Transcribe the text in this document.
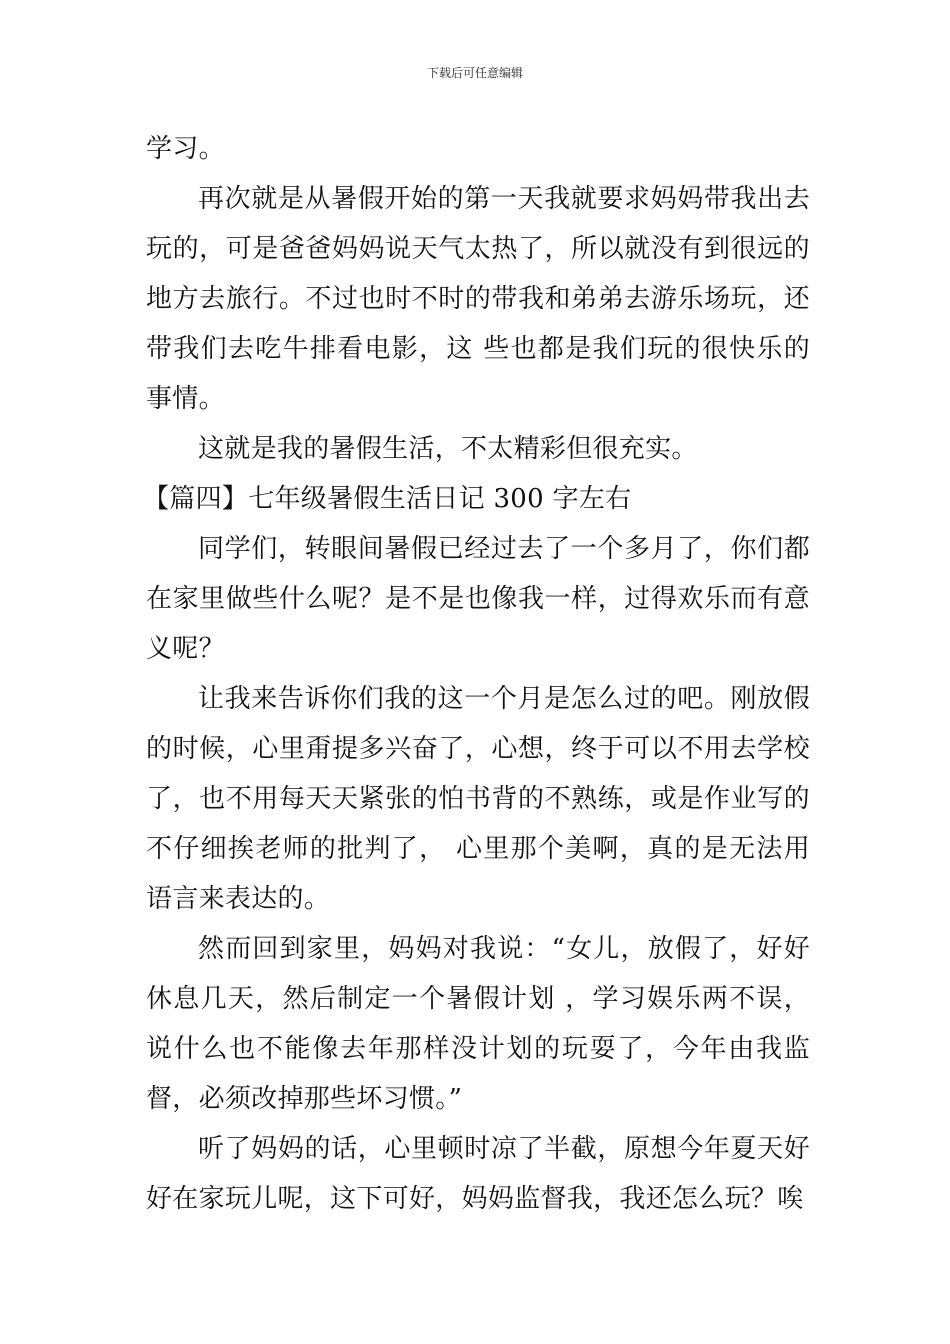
下载后可任意编辑

学习。

再次就是从暑假开始的第一天我就要求妈妈带我出去玩的，可是爸爸妈妈说天气太热了，所以就没有到很远的地方去旅行。不过也时不时的带我和弟弟去游乐场玩，还带我们去吃牛排看电影，这 些也都是我们玩的很快乐的事情。

这就是我的暑假生活，不太精彩但很充实。

【篇四】七年级暑假生活日记 300 字左右

同学们，转眼间暑假已经过去了一个多月了，你们都在家里做些什么呢？是不是也像我一样，过得欢乐而有意义呢？

让我来告诉你们我的这一个月是怎么过的吧。刚放假的时候，心里甭提多兴奋了，心想，终于可以不用去学校了，也不用每天天紧张的怕书背的不熟练，或是作业写的不仔细挨老师的批判了， 心里那个美啊，真的是无法用语言来表达的。

然而回到家里，妈妈对我说：“女儿，放假了，好好休息几天，然后制定一个暑假计划 ，学习娱乐两不误，说什么也不能像去年那样没计划的玩耍了，今年由我监督，必须改掉那些坏习惯。”

听了妈妈的话，心里顿时凉了半截，原想今年夏天好好在家玩儿呢，这下可好，妈妈监督我，我还怎么玩？唉
